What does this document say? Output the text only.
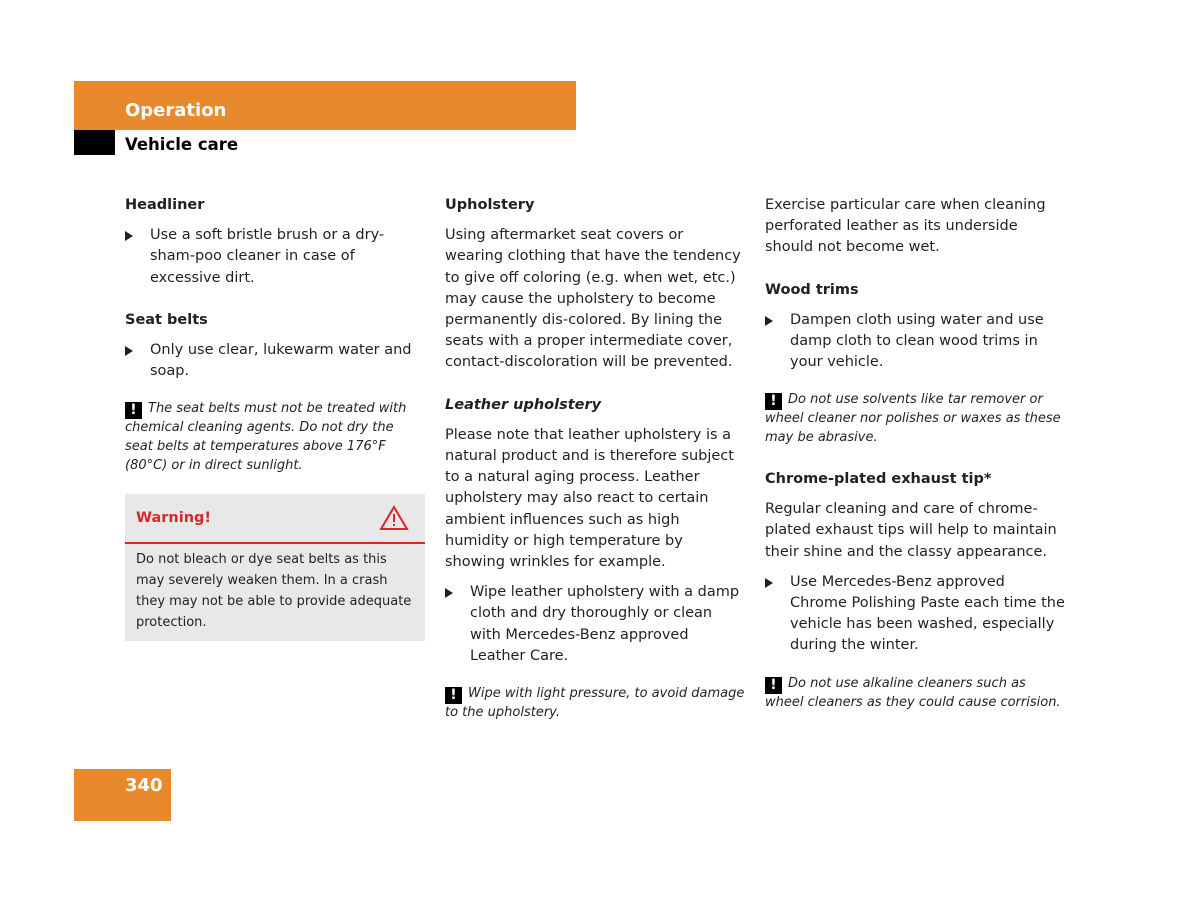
Operation
Vehicle care
Headliner
Use a soft bristle brush or a dry-sham-poo cleaner in case of excessive dirt.
Seat belts
Only use clear, lukewarm water and soap.
! The seat belts must not be treated with chemical cleaning agents. Do not dry the seat belts at temperatures above 176°F (80°C) or in direct sunlight.
Warning!
Do not bleach or dye seat belts as this may severely weaken them. In a crash they may not be able to provide adequate protection.
Upholstery
Using aftermarket seat covers or wearing clothing that have the tendency to give off coloring (e.g. when wet, etc.) may cause the upholstery to become permanently dis-colored. By lining the seats with a proper intermediate cover, contact-discoloration will be prevented.
Leather upholstery
Please note that leather upholstery is a natural product and is therefore subject to a natural aging process. Leather upholstery may also react to certain ambient influences such as high humidity or high temperature by showing wrinkles for example.
Wipe leather upholstery with a damp cloth and dry thoroughly or clean with Mercedes-Benz approved Leather Care.
! Wipe with light pressure, to avoid damage to the upholstery.
Exercise particular care when cleaning perforated leather as its underside should not become wet.
Wood trims
Dampen cloth using water and use damp cloth to clean wood trims in your vehicle.
! Do not use solvents like tar remover or wheel cleaner nor polishes or waxes as these may be abrasive.
Chrome-plated exhaust tip*
Regular cleaning and care of chrome-plated exhaust tips will help to maintain their shine and the classy appearance.
Use Mercedes-Benz approved Chrome Polishing Paste each time the vehicle has been washed, especially during the winter.
! Do not use alkaline cleaners such as wheel cleaners as they could cause corrision.
340
